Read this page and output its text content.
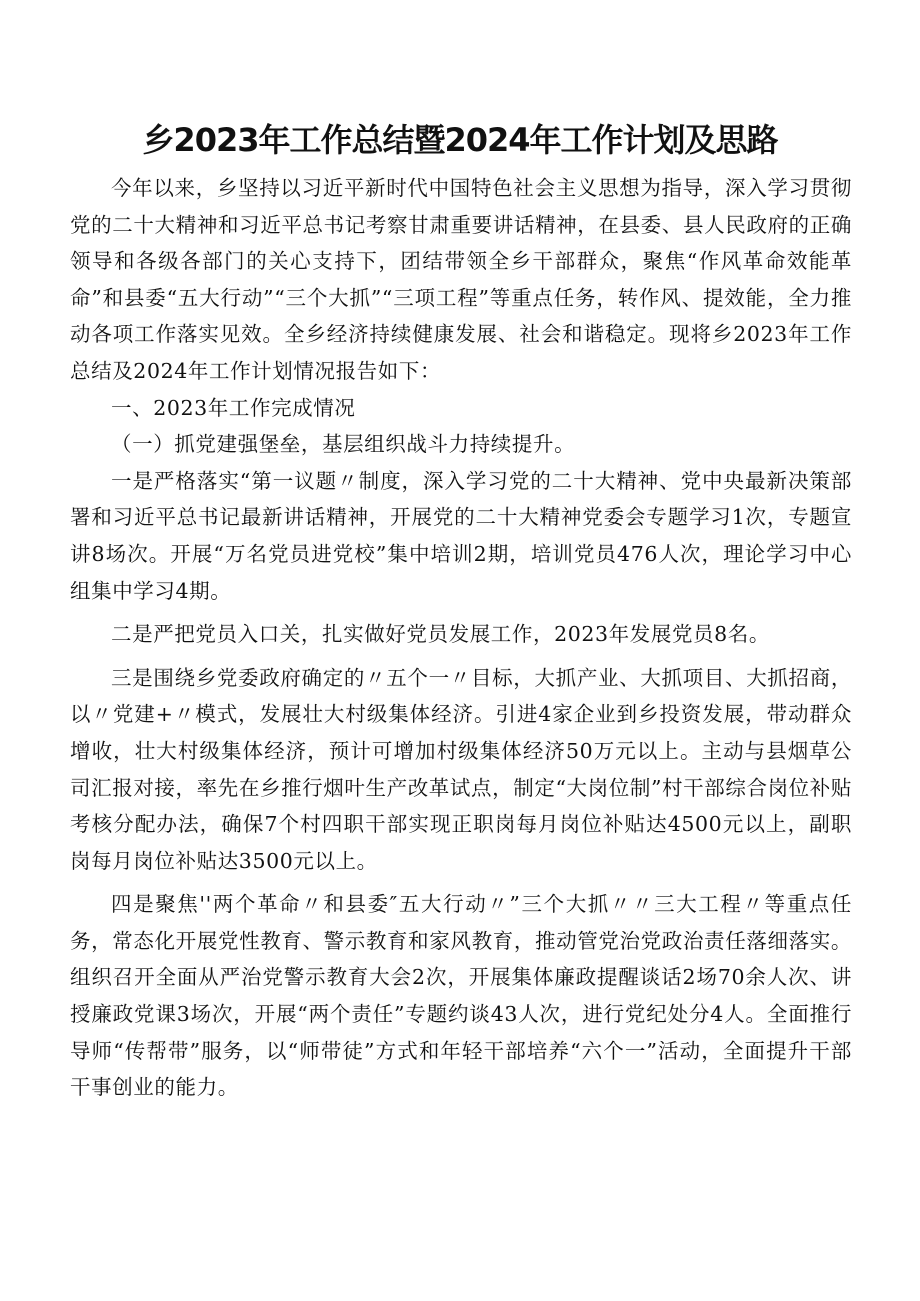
乡2023年工作总结暨2024年工作计划及思路

今年以来，乡坚持以习近平新时代中国特色社会主义思想为指导，深入学习贯彻党的二十大精神和习近平总书记考察甘肃重要讲话精神，在县委、县人民政府的正确领导和各级各部门的关心支持下，团结带领全乡干部群众，聚焦“作风革命效能革命”和县委“五大行动”“三个大抓”“三项工程”等重点任务，转作风、提效能，全力推动各项工作落实见效。全乡经济持续健康发展、社会和谐稳定。现将乡2023年工作总结及2024年工作计划情况报告如下：

一、2023年工作完成情况

（一）抓党建强堡垒，基层组织战斗力持续提升。

一是严格落实“第一议题〃制度，深入学习党的二十大精神、党中央最新决策部署和习近平总书记最新讲话精神，开展党的二十大精神党委会专题学习1次，专题宣讲8场次。开展“万名党员进党校”集中培训2期，培训党员476人次，理论学习中心组集中学习4期。

二是严把党员入口关，扎实做好党员发展工作，2023年发展党员8名。

三是围绕乡党委政府确定的〃五个一〃目标，大抓产业、大抓项目、大抓招商，以〃党建+〃模式，发展壮大村级集体经济。引进4家企业到乡投资发展，带动群众增收，壮大村级集体经济，预计可增加村级集体经济50万元以上。主动与县烟草公司汇报对接，率先在乡推行烟叶生产改革试点，制定“大岗位制”村干部综合岗位补贴考核分配办法，确保7个村四职干部实现正职岗每月岗位补贴达4500元以上，副职岗每月岗位补贴达3500元以上。

四是聚焦''两个革命〃和县委″五大行动〃”三个大抓〃〃三大工程〃等重点任务，常态化开展党性教育、警示教育和家风教育，推动管党治党政治责任落细落实。组织召开全面从严治党警示教育大会2次，开展集体廉政提醒谈话2场70余人次、讲授廉政党课3场次，开展“两个责任”专题约谈43人次，进行党纪处分4人。全面推行导师“传帮带”服务，以“师带徒”方式和年轻干部培养“六个一”活动，全面提升干部干事创业的能力。
